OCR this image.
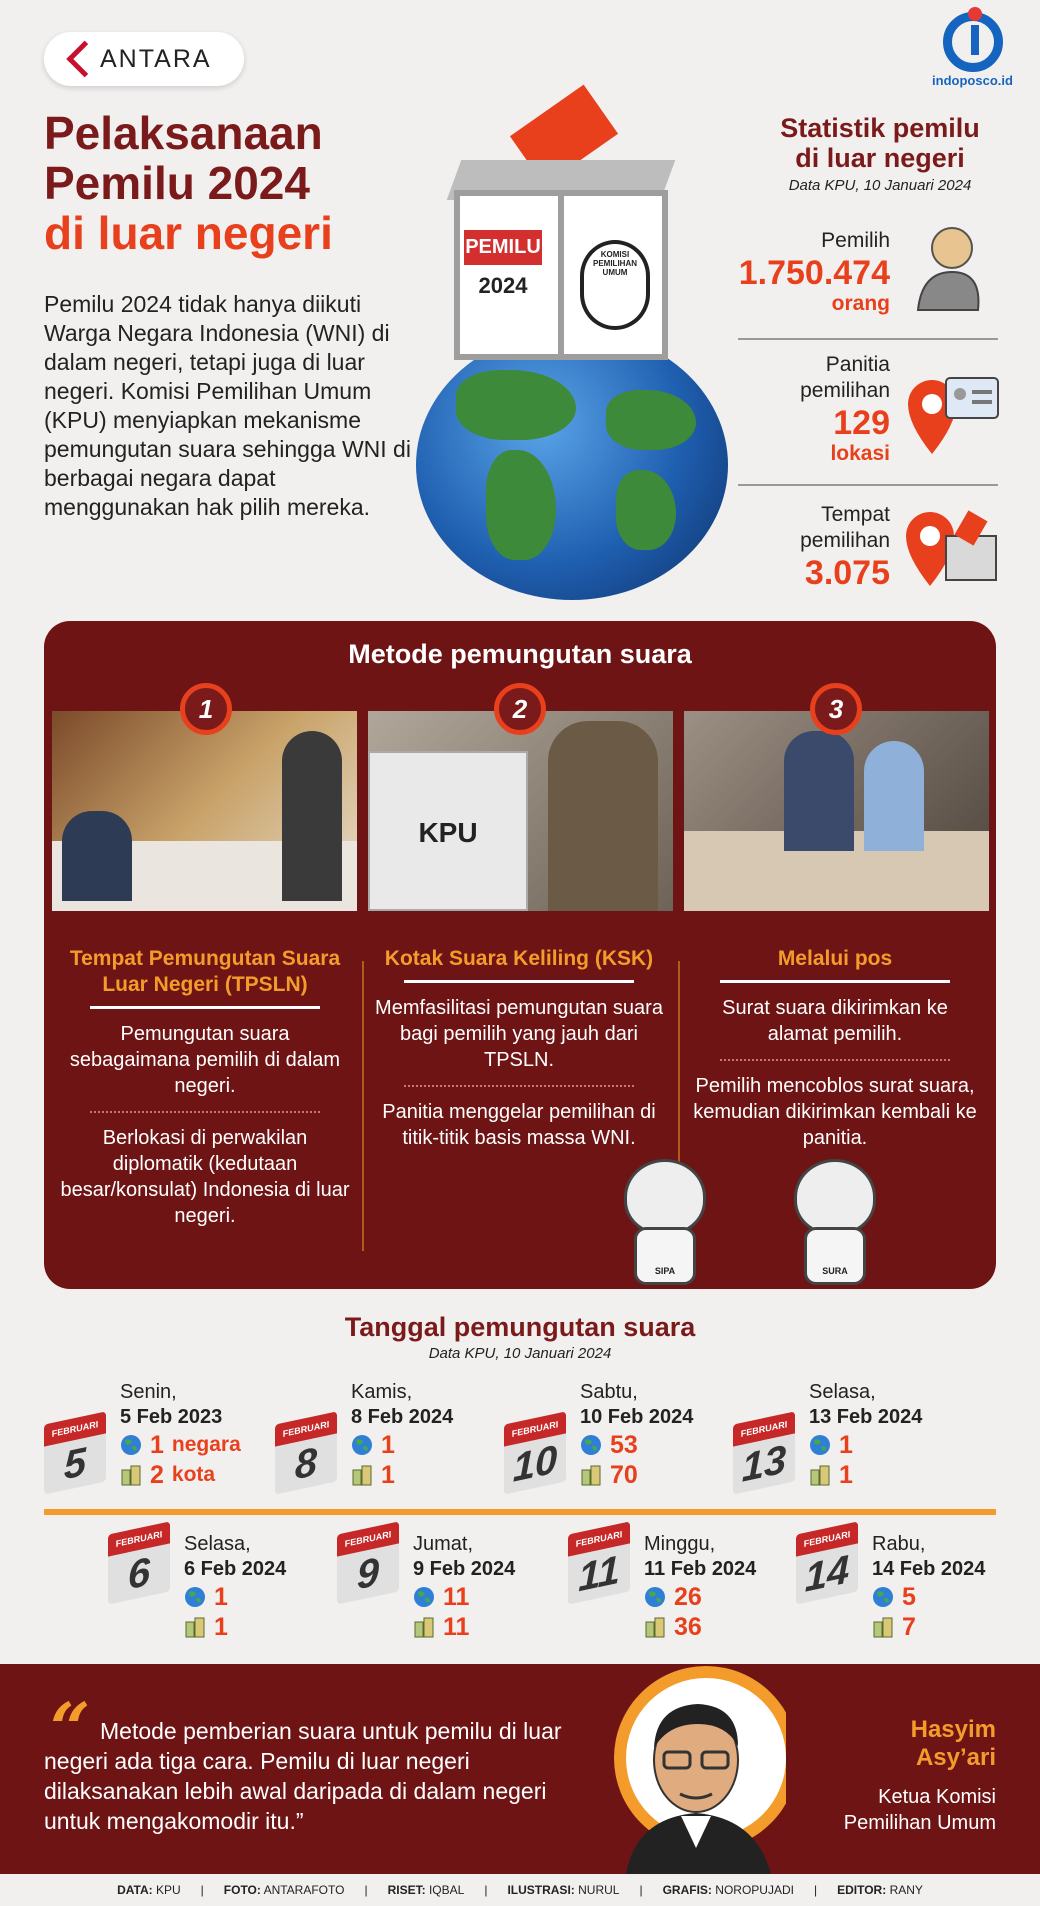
ANTARA
indoposco.id
Pelaksanaan
Pemilu 2024
di luar negeri

Pemilu 2024 tidak hanya diikuti Warga Negara Indonesia (WNI) di dalam negeri, tetapi juga di luar negeri. Komisi Pemilihan Umum (KPU) menyiapkan mekanisme pemungutan suara sehingga WNI di berbagai negara dapat menggunakan hak pilih mereka.

PEMILU
2024
KOMISI PEMILIHAN UMUM
Statistik pemilu
di luar negeri

Data KPU, 10 Januari 2024

Pemilih
1.750.474
orang
Panitia
pemilihan
129
lokasi
Tempat
pemilihan
3.075
Metode pemungutan suara
KPU
1	2	3
Tempat Pemungutan Suara Luar Negeri (TPSLN)

Pemungutan suara sebagaimana pemilih di dalam negeri.

Berlokasi di perwakilan diplomatik (kedutaan besar/konsulat) Indonesia di luar negeri.

Kotak Suara Keliling (KSK)

Memfasilitasi pemungutan suara bagi pemilih yang jauh dari TPSLN.

Panitia menggelar pemilihan di titik-titik basis massa WNI.

Melalui pos

Surat suara dikirimkan ke alamat pemilih.

Pemilih mencoblos surat suara, kemudian dikirimkan kembali ke panitia.

SIPA	SURA
Tanggal pemungutan suara

Data KPU, 10 Januari 2024

“ Metode pemberian suara untuk pemilu di luar negeri ada tiga cara. Pemilu di luar negeri dilaksanakan lebih awal daripada di dalam negeri untuk mengakomodir itu.”

Hasyim
Asy’ari
Ketua Komisi
Pemilihan Umum
DATA: KPU | FOTO: ANTARAFOTO | RISET: IQBAL | ILUSTRASI: NURUL | GRAFIS: NOROPUJADI | EDITOR: RANY
FEBRUARI
5
Senin,
5 Feb 2023
1 negara
2 kota
FEBRUARI
8
Kamis,
8 Feb 2024
1
1
FEBRUARI
10
Sabtu,
10 Feb 2024
53
70
FEBRUARI
13
Selasa,
13 Feb 2024
1
1
FEBRUARI
6
Selasa,
6 Feb 2024
1
1
FEBRUARI
9
Jumat,
9 Feb 2024
11
11
FEBRUARI
11
Minggu,
11 Feb 2024
26
36
FEBRUARI
14
Rabu,
14 Feb 2024
5
7
